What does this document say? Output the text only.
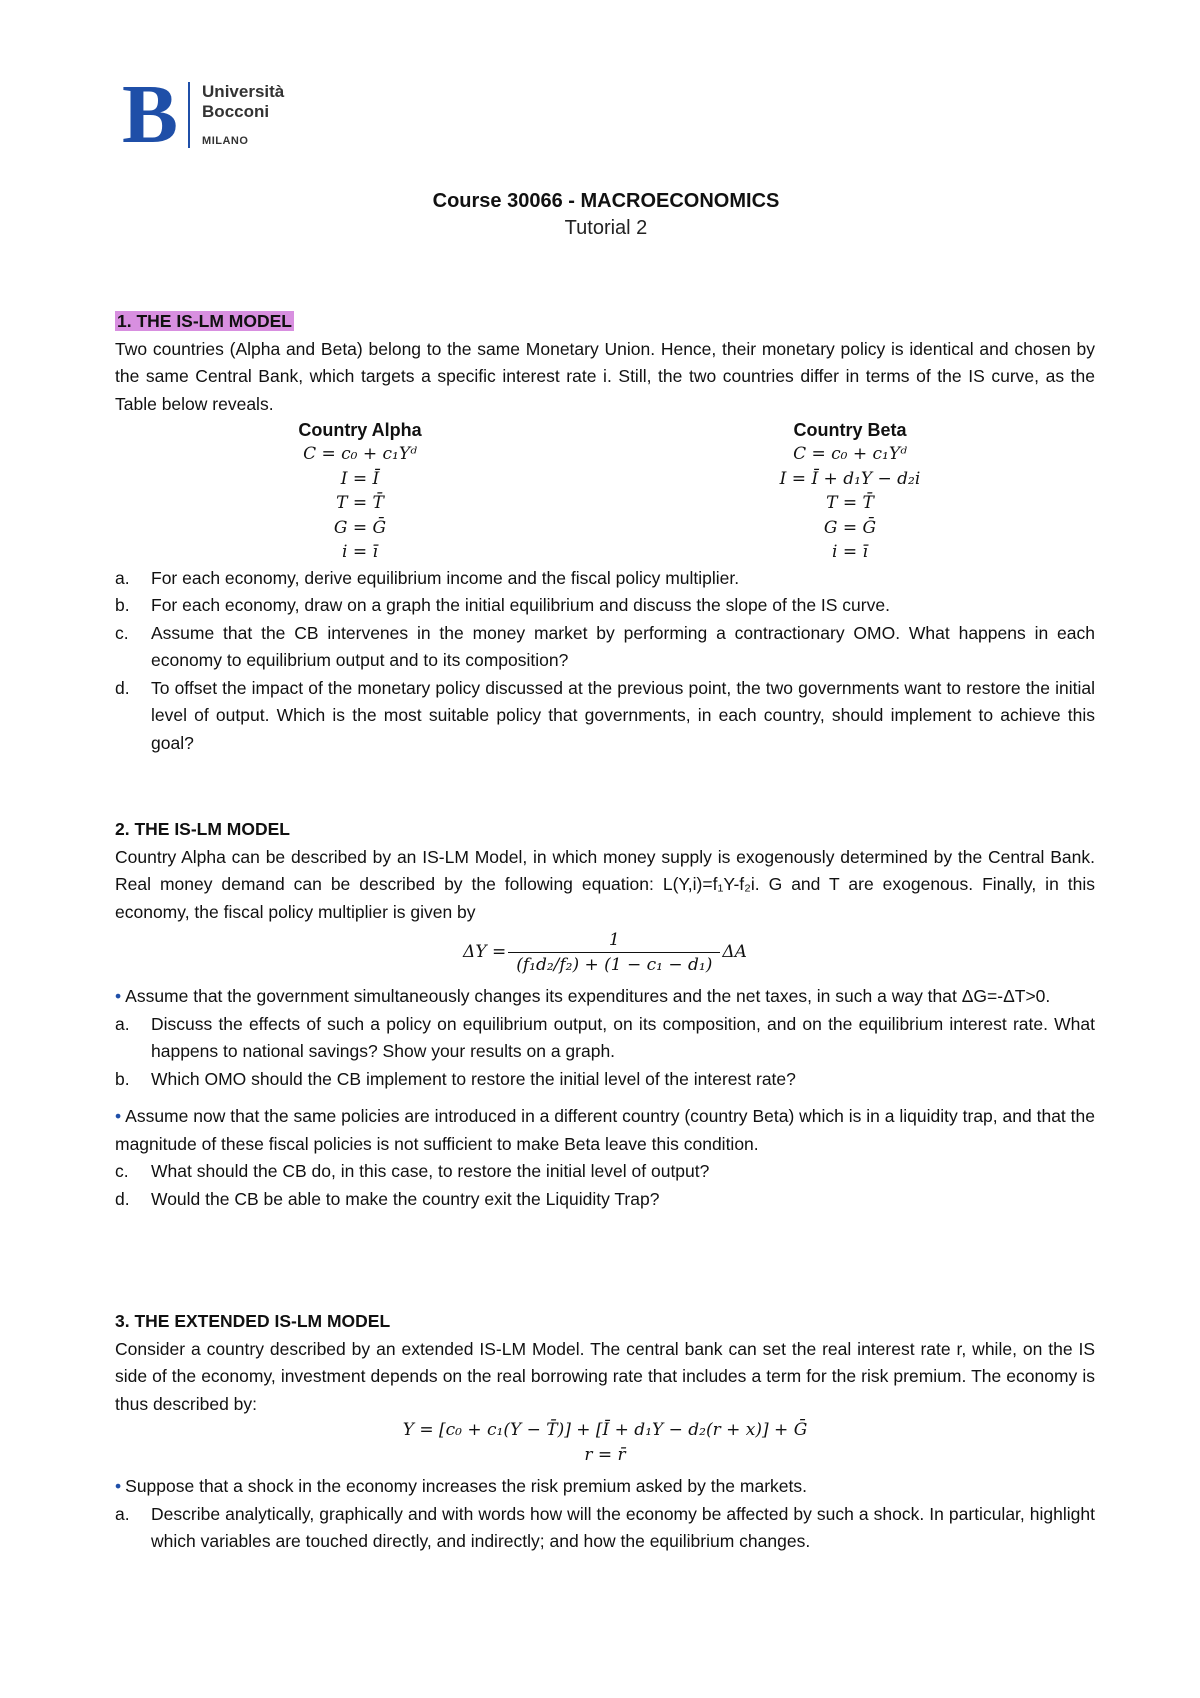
B Università
Bocconi
MILANO
Course 30066 - MACROECONOMICS
Tutorial 2
1. THE IS-LM MODEL

Two countries (Alpha and Beta) belong to the same Monetary Union. Hence, their monetary policy is identical and chosen by the same Central Bank, which targets a specific interest rate i. Still, the two countries differ in terms of the IS curve, as the Table below reveals.

Country Alpha
C = c₀ + c₁Yᵈ
I = Ī
T = T̄
G = Ḡ
i = ī
Country Beta
C = c₀ + c₁Yᵈ
I = Ī + d₁Y − d₂i
T = T̄
G = Ḡ
i = ī
a.	For each economy, derive equilibrium income and the fiscal policy multiplier.
b.	For each economy, draw on a graph the initial equilibrium and discuss the slope of the IS curve.
c.	Assume that the CB intervenes in the money market by performing a contractionary OMO. What happens in each economy to equilibrium output and to its composition?
d.	To offset the impact of the monetary policy discussed at the previous point, the two governments want to restore the initial level of output. Which is the most suitable policy that governments, in each country, should implement to achieve this goal?
2. THE IS-LM MODEL

Country Alpha can be described by an IS-LM Model, in which money supply is exogenously determined by the Central Bank. Real money demand can be described by the following equation: L(Y,i)=f₁Y-f₂i. G and T are exogenous. Finally, in this economy, the fiscal policy multiplier is given by

$\Delta Y = \frac{1}{\text{(f₁d₂/f₂) + (1 − c₁ − d₁)}}$ ΔA

• Assume that the government simultaneously changes its expenditures and the net taxes, in such a way that ΔG=-ΔT>0.

a.	Discuss the effects of such a policy on equilibrium output, on its composition, and on the equilibrium interest rate. What happens to national savings? Show your results on a graph.
b.	Which OMO should the CB implement to restore the initial level of the interest rate?

• Assume now that the same policies are introduced in a different country (country Beta) which is in a liquidity trap, and that the magnitude of these fiscal policies is not sufficient to make Beta leave this condition.

c.	What should the CB do, in this case, to restore the initial level of output?
d.	Would the CB be able to make the country exit the Liquidity Trap?
3. THE EXTENDED IS-LM MODEL

Consider a country described by an extended IS-LM Model. The central bank can set the real interest rate r, while, on the IS side of the economy, investment depends on the real borrowing rate that includes a term for the risk premium. The economy is thus described by:

Y = [c₀ + c₁(Y − T̄)] + [Ī + d₁Y − d₂(r + x)] + Ḡ
r = r̄

• Suppose that a shock in the economy increases the risk premium asked by the markets.

a.	Describe analytically, graphically and with words how will the economy be affected by such a shock. In particular, highlight which variables are touched directly, and indirectly; and how the equilibrium changes.
